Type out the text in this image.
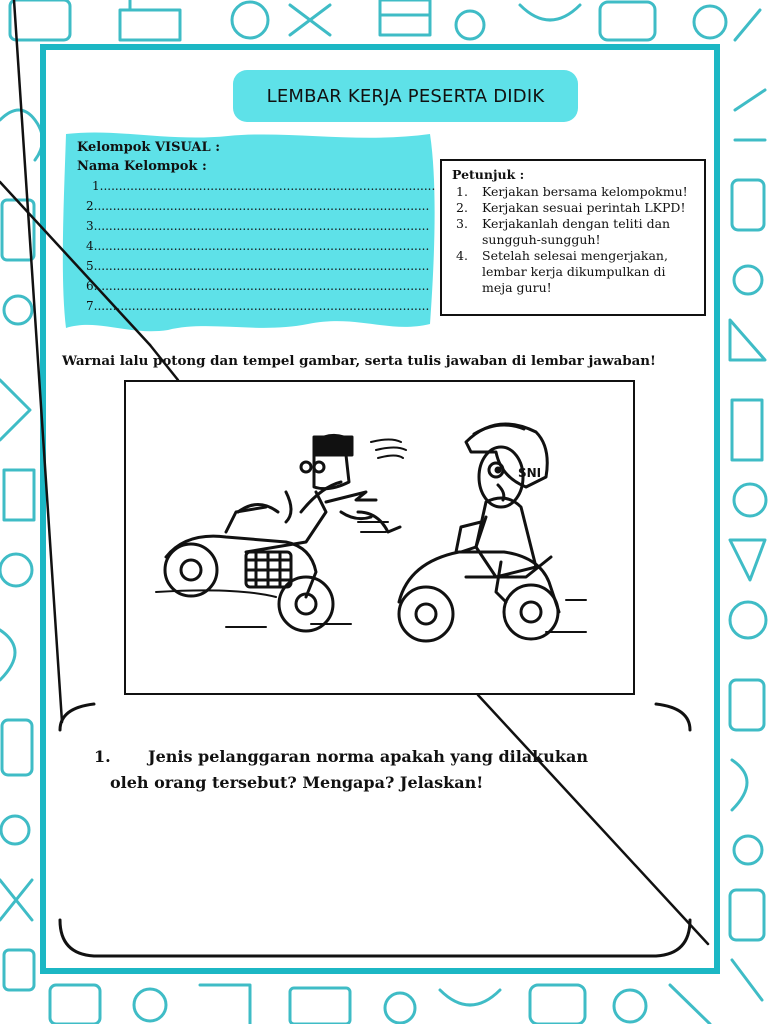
LEMBAR KERJA PESERTA DIDIK
Kelompok VISUAL :
Nama Kelompok :
1........................................................................................
2........................................................................................
3........................................................................................
4........................................................................................
5........................................................................................
6........................................................................................
7........................................................................................
Petunjuk :
1.	Kerjakan bersama kelompokmu!
2.	Kerjakan sesuai perintah LKPD!
3.	Kerjakanlah dengan teliti dan sungguh-sungguh!
4.	Setelah selesai mengerjakan, lembar kerja dikumpulkan di meja guru!
Warnai lalu potong dan tempel gambar, serta tulis jawaban di lembar jawaban!
SNI
1. Jenis pelanggaran norma apakah yang dilakukan
oleh orang tersebut? Mengapa? Jelaskan!
